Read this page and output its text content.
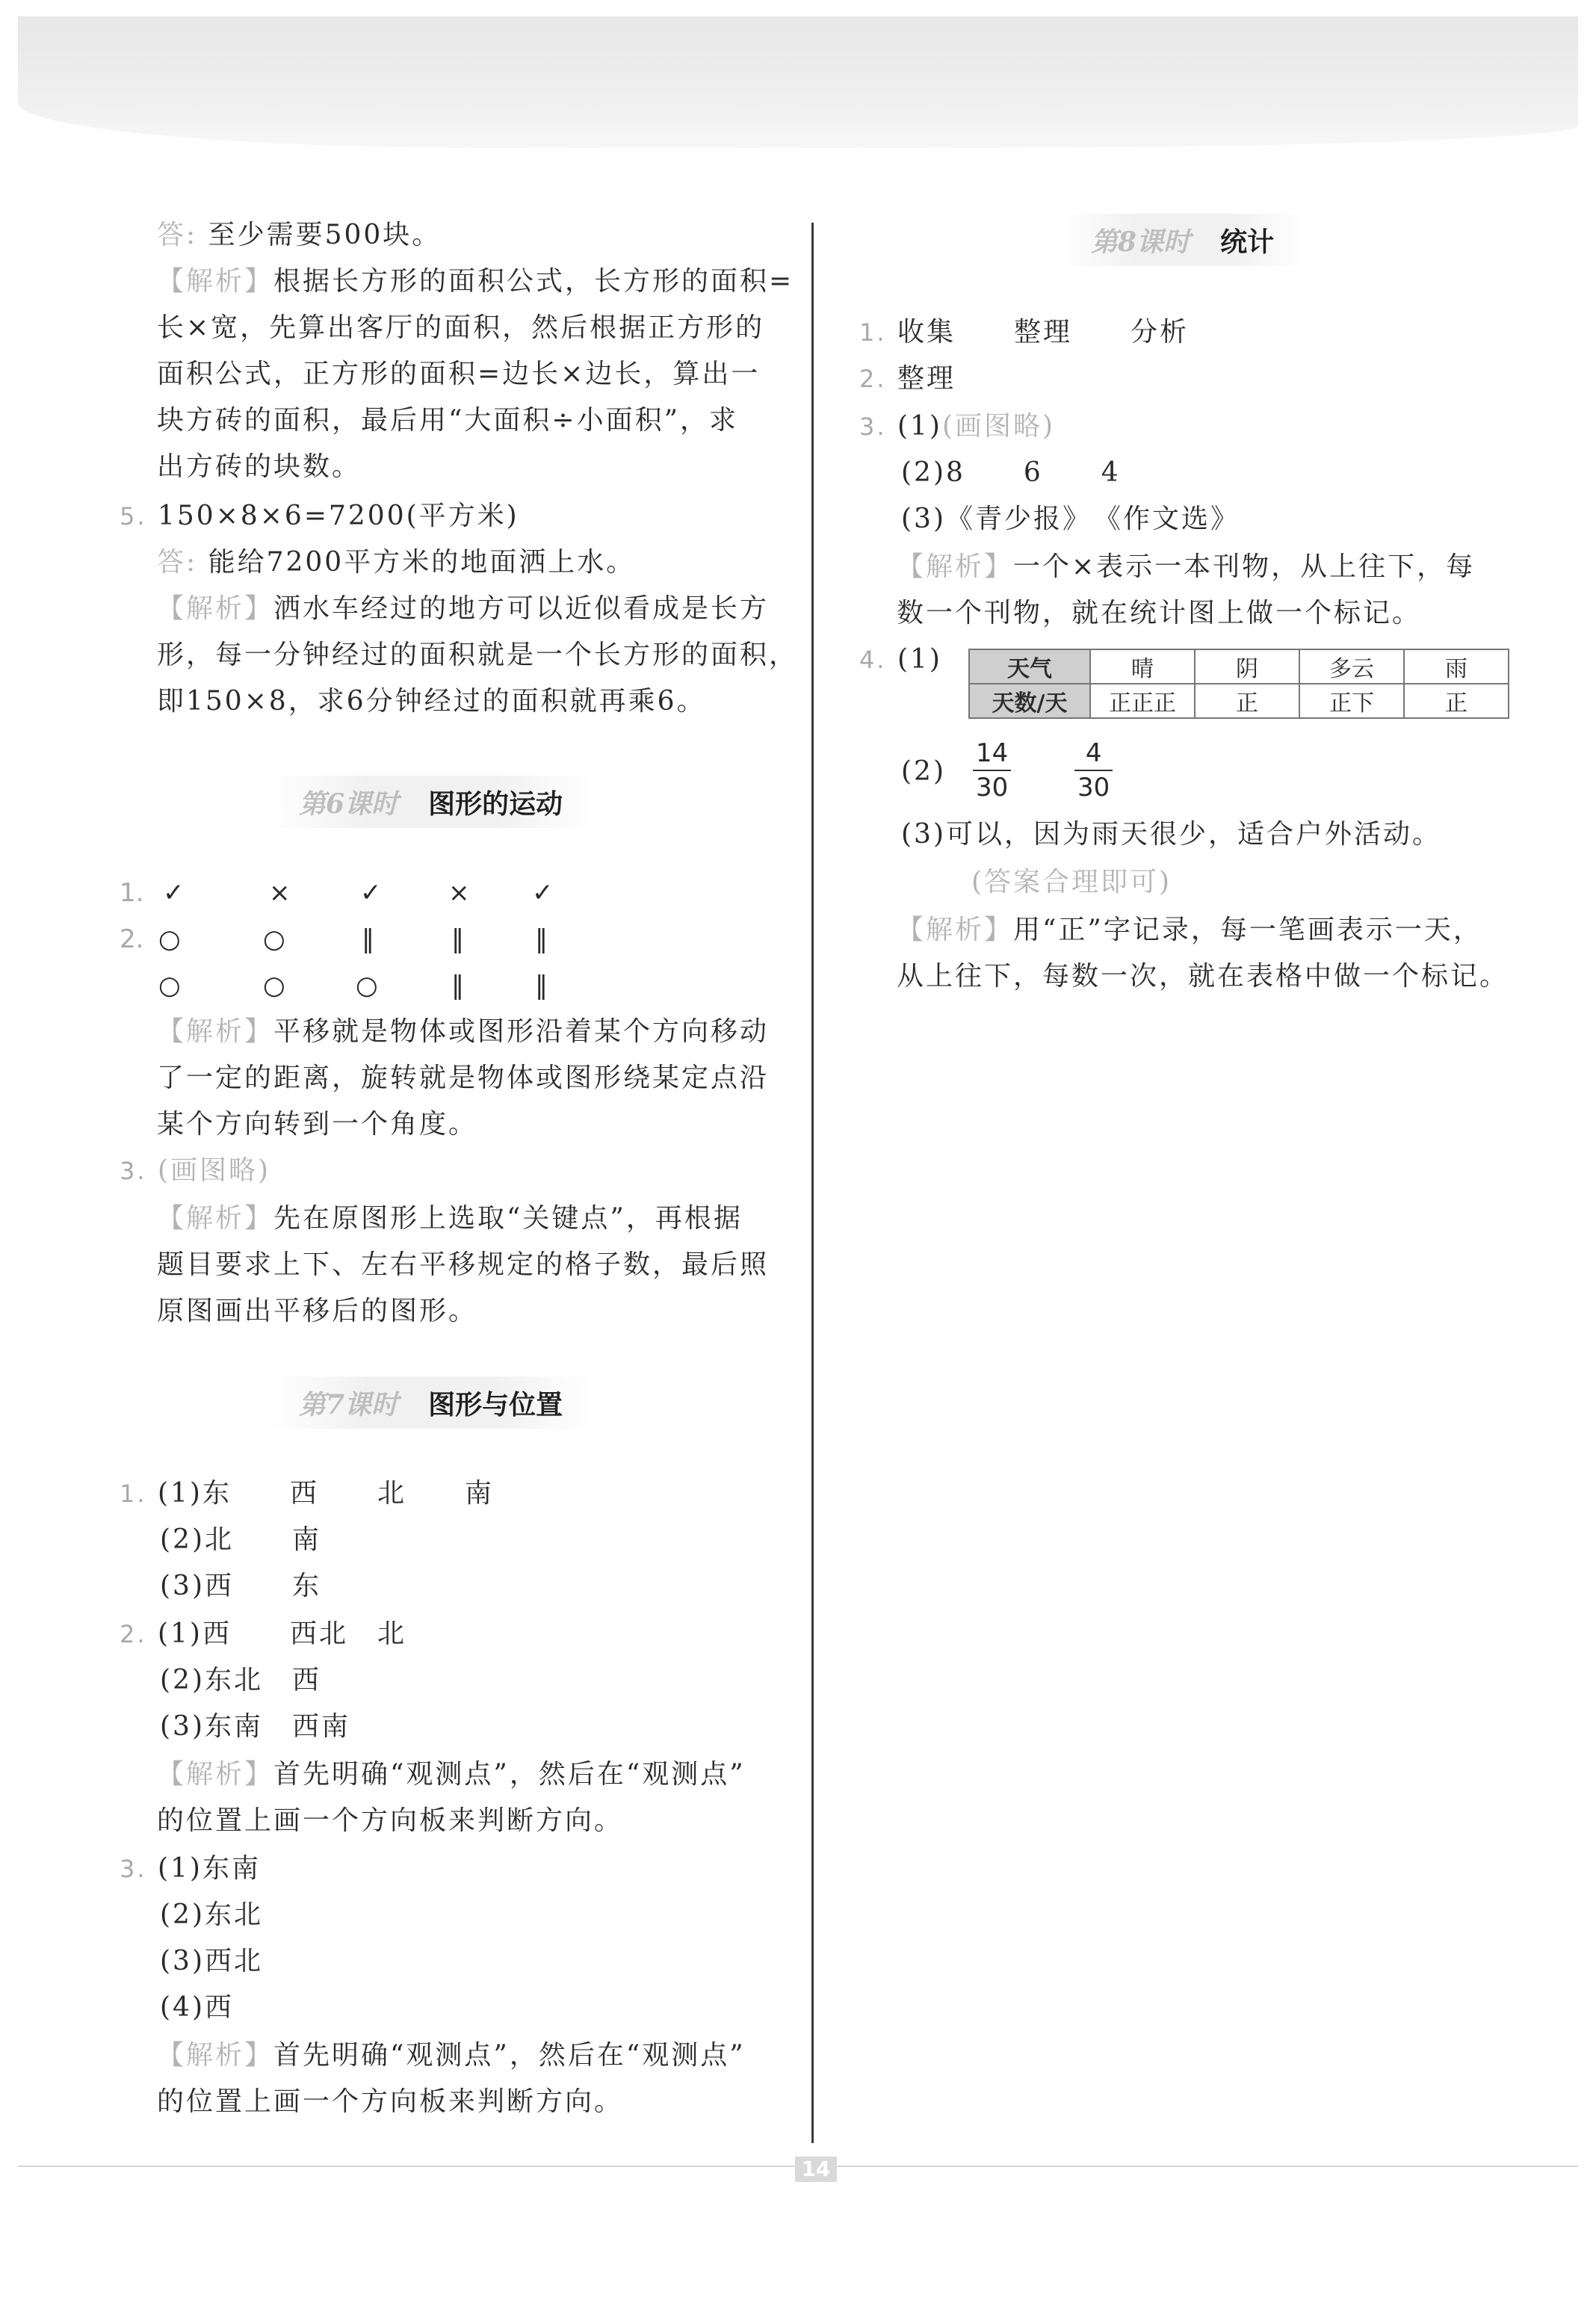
答: 至少需要500块。
【解析】根据长方形的面积公式，长方形的面积=
长×宽，先算出客厅的面积，然后根据正方形的
面积公式，正方形的面积=边长×边长，算出一
块方砖的面积，最后用“大面积÷小面积”，求
出方砖的块数。
5. 150×8×6=7200(平方米)
答: 能给7200平方米的地面洒上水。
【解析】洒水车经过的地方可以近似看成是长方
形，每一分钟经过的面积就是一个长方形的面积，
即150×8，求6分钟经过的面积就再乘6。
第6课时 图形的运动
1. ✓	×	✓	× ✓
2. ○	○	‖	‖	‖
○	○	○	‖	‖
【解析】平移就是物体或图形沿着某个方向移动
了一定的距离，旋转就是物体或图形绕某定点沿
某个方向转到一个角度。
3. (画图略)
【解析】先在原图形上选取“关键点”，再根据
题目要求上下、左右平移规定的格子数，最后照
原图画出平移后的图形。
第7课时 图形与位置
1. (1)东　　西　　北　　南
(2)北　　南
(3)西　　东
2. (1)西　　西北　北
(2)东北　西
(3)东南　西南
【解析】首先明确“观测点”，然后在“观测点”
的位置上画一个方向板来判断方向。
3. (1)东南
(2)东北
(3)西北
(4)西
【解析】首先明确“观测点”，然后在“观测点”
的位置上画一个方向板来判断方向。
第8课时 统计
1. 收集　　整理　　分析
2. 整理
3. (1)(画图略)
(2)8　　6　　4
(3)《青少报》　《作文选》
【解析】一个×表示一本刊物，从上往下，每
数一个刊物，就在统计图上做一个标记。
4. (1)	天气	晴	阴	多云	雨
天数/天	正正正	正	正下	正
$(2) \frac{14}{30} \frac{4}{30}$
(3)可以，因为雨天很少，适合户外活动。
(答案合理即可)
【解析】用“正”字记录，每一笔画表示一天，
从上往下，每数一次，就在表格中做一个标记。
14
